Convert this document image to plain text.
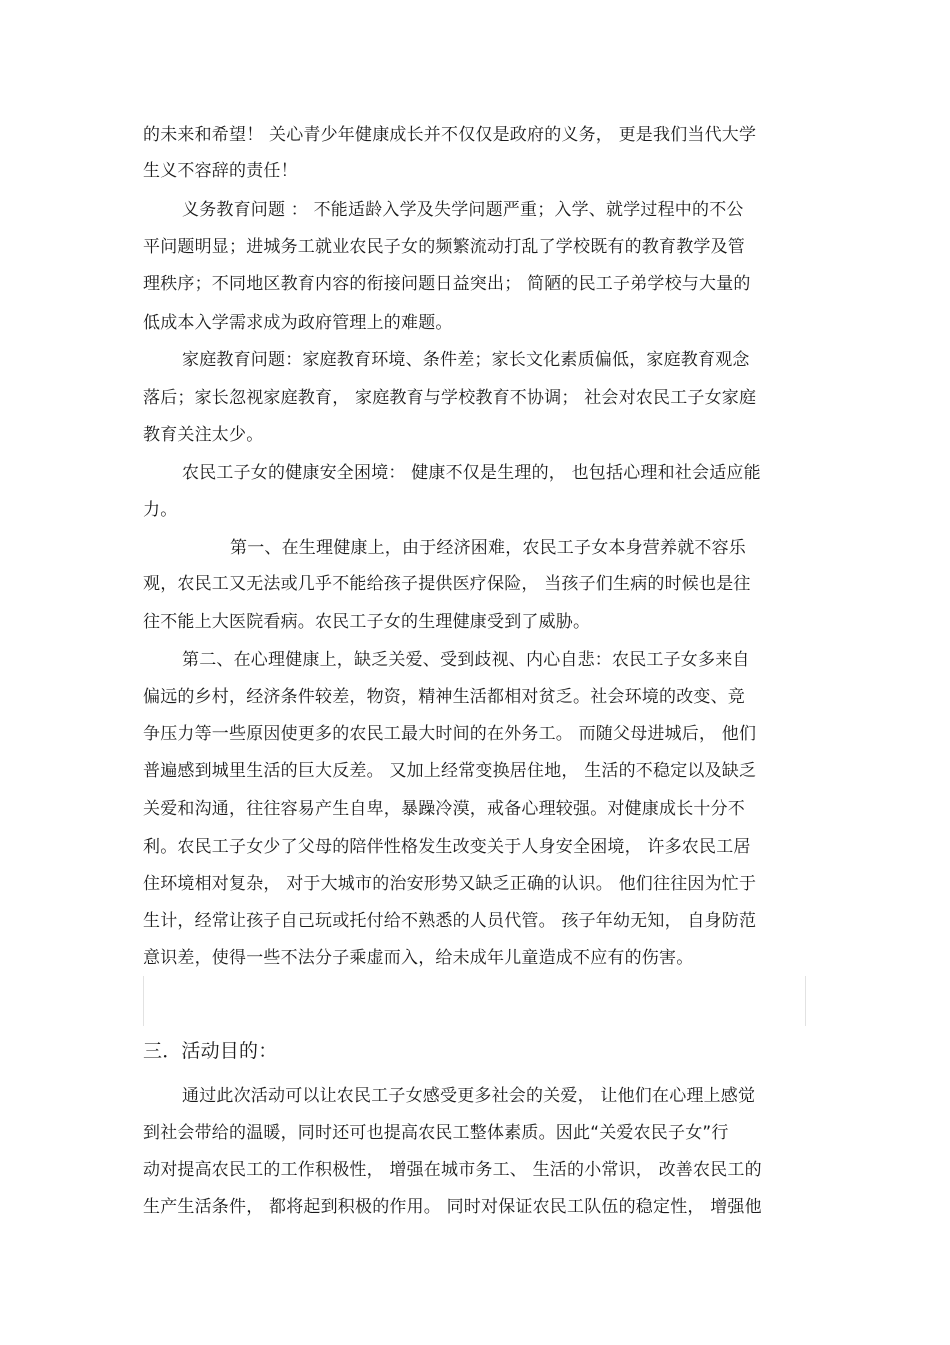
的未来和希望！ 关心青少年健康成长并不仅仅是政府的义务， 更是我们当代大学
生义不容辞的责任！
义务教育问题 ： 不能适龄入学及失学问题严重；入学、就学过程中的不公
平问题明显；进城务工就业农民子女的频繁流动打乱了学校既有的教育教学及管
理秩序；不同地区教育内容的衔接问题日益突出； 简陋的民工子弟学校与大量的
低成本入学需求成为政府管理上的难题。
家庭教育问题：家庭教育环境、条件差；家长文化素质偏低，家庭教育观念
落后；家长忽视家庭教育， 家庭教育与学校教育不协调； 社会对农民工子女家庭
教育关注太少。
农民工子女的健康安全困境： 健康不仅是生理的， 也包括心理和社会适应能
力。
第一、在生理健康上，由于经济困难，农民工子女本身营养就不容乐
观，农民工又无法或几乎不能给孩子提供医疗保险， 当孩子们生病的时候也是往
往不能上大医院看病。农民工子女的生理健康受到了威胁。
第二、在心理健康上，缺乏关爱、受到歧视、内心自悲：农民工子女多来自
偏远的乡村，经济条件较差，物资，精神生活都相对贫乏。社会环境的改变、竞
争压力等一些原因使更多的农民工最大时间的在外务工。 而随父母进城后， 他们
普遍感到城里生活的巨大反差。 又加上经常变换居住地， 生活的不稳定以及缺乏
关爱和沟通，往往容易产生自卑，暴躁冷漠，戒备心理较强。对健康成长十分不
利。农民工子女少了父母的陪伴性格发生改变关于人身安全困境， 许多农民工居
住环境相对复杂， 对于大城市的治安形势又缺乏正确的认识。 他们往往因为忙于
生计，经常让孩子自己玩或托付给不熟悉的人员代管。 孩子年幼无知， 自身防范
意识差，使得一些不法分子乘虚而入，给未成年儿童造成不应有的伤害。
三．活动目的：
通过此次活动可以让农民工子女感受更多社会的关爱， 让他们在心理上感觉
到社会带给的温暖，同时还可也提高农民工整体素质。因此“关爱农民子女”行
动对提高农民工的工作积极性， 增强在城市务工、 生活的小常识， 改善农民工的
生产生活条件， 都将起到积极的作用。 同时对保证农民工队伍的稳定性， 增强他
